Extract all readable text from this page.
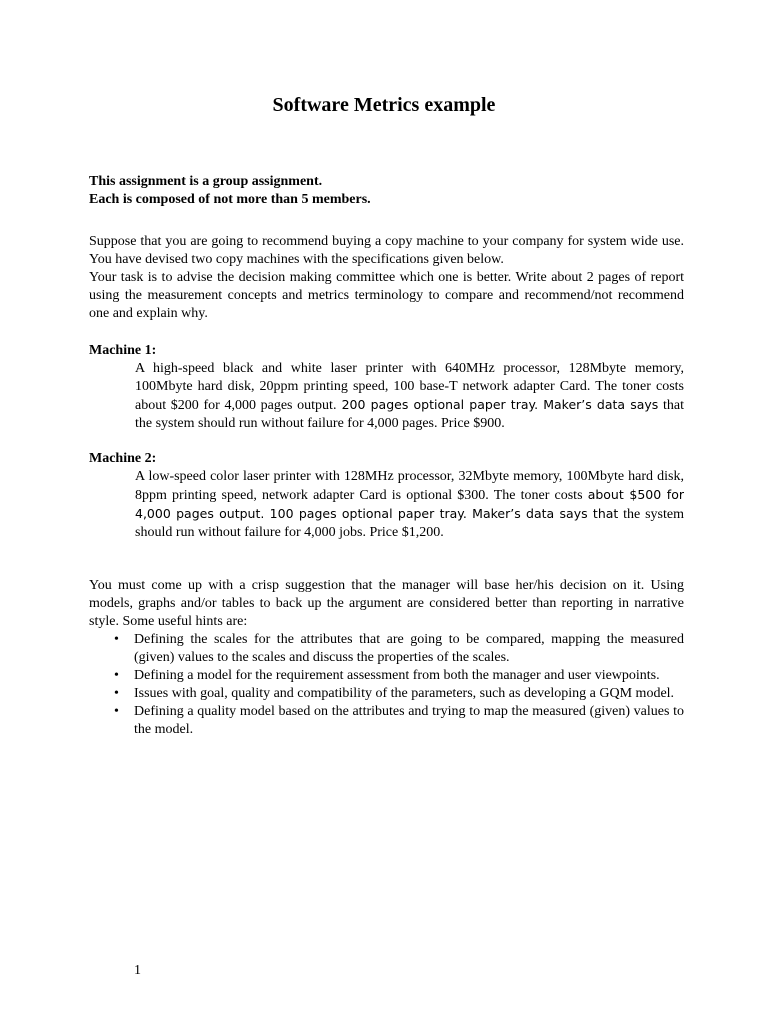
Software Metrics example
This assignment is a group assignment.
Each is composed of not more than 5 members.
Suppose that you are going to recommend buying a copy machine to your company for system wide use. You have devised two copy machines with the specifications given below.
Your task is to advise the decision making committee which one is better. Write about 2 pages of report using the measurement concepts and metrics terminology to compare and recommend/not recommend one and explain why.
Machine 1:
A high-speed black and white laser printer with 640MHz processor, 128Mbyte memory, 100Mbyte hard disk, 20ppm printing speed, 100 base-T network adapter Card. The toner costs about $200 for 4,000 pages output. 200 pages optional paper tray. Maker’s data says that the system should run without failure for 4,000 pages. Price $900.
Machine 2:
A low-speed color laser printer with 128MHz processor, 32Mbyte memory, 100Mbyte hard disk, 8ppm printing speed, network adapter Card is optional $300. The toner costs about $500 for 4,000 pages output. 100 pages optional paper tray. Maker’s data says that the system should run without failure for 4,000 jobs. Price $1,200.
You must come up with a crisp suggestion that the manager will base her/his decision on it. Using models, graphs and/or tables to back up the argument are considered better than reporting in narrative style. Some useful hints are:
• Defining the scales for the attributes that are going to be compared, mapping the measured (given) values to the scales and discuss the properties of the scales.
• Defining a model for the requirement assessment from both the manager and user viewpoints.
• Issues with goal, quality and compatibility of the parameters, such as developing a GQM model.
• Defining a quality model based on the attributes and trying to map the measured (given) values to the model.
1
